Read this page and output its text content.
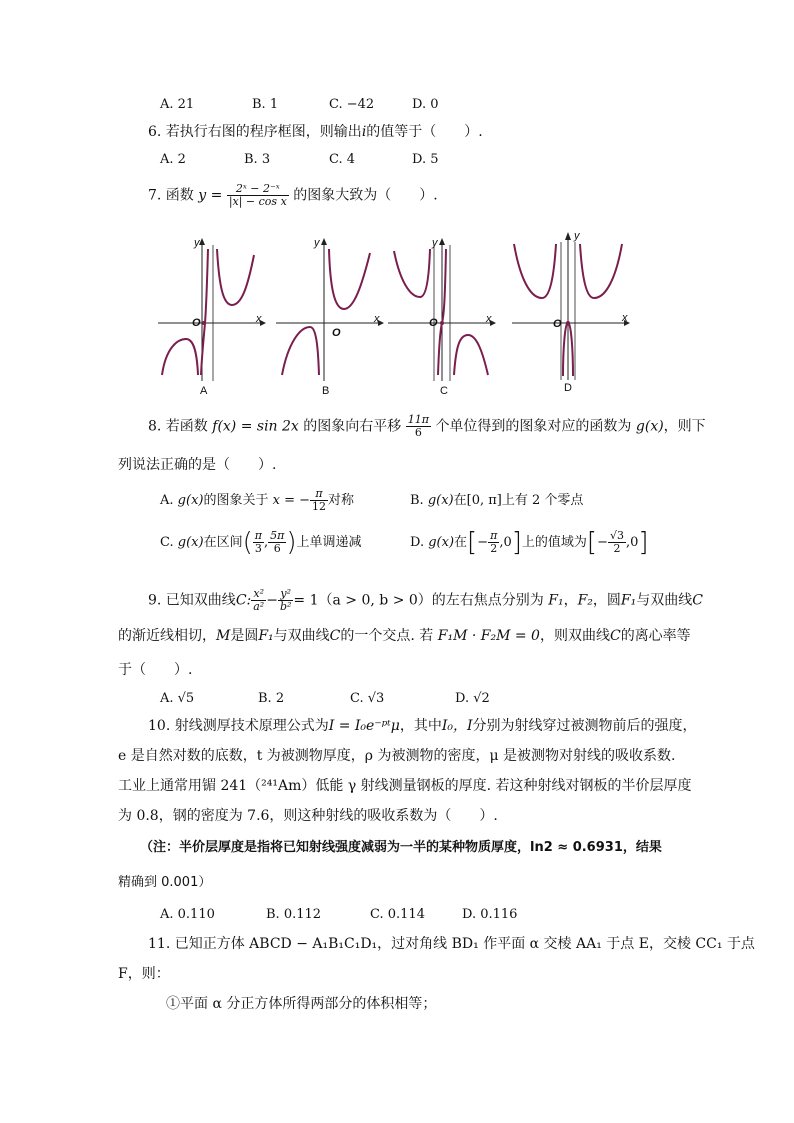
A. 21	B. 1	C. −42	D. 0
6. 若执行右图的程序框图，则输出i的值等于（　　）.
A. 2	B. 3	C. 4	D. 5
7. 函数 $y = \frac{\text{2ˣ − 2⁻ˣ}}{\text{|x| − cos x}}$ 的图象大致为（　　）.
y
x
O
A
y
x
O
B
y
x
O
C
y
x
O
D
8. 若函数 f(x) = sin 2x 的图象向右平移 $\frac{11\pi}{6}$ 个单位得到的图象对应的函数为 g(x)，则下
列说法正确的是（　　）.
A. g(x)的图象关于 x = − $\frac{\pi}{12}$ 对称	B. g(x)在[0, π]上有 2 个零点
C. g(x)在区间( $\frac{\pi}{3}$ , $\frac{5\pi}{6}$ )上单调递减	D. g(x)在[− $\frac{\pi}{2} ,0$]上的值域为[− $\frac{√3}{2} ,0$]
9. 已知双曲线C: $\frac{\text{x²}}{\text{a²}} - \frac{\text{y²}}{\text{b²}} = 1(a > 0$, b > 0）的左右焦点分别为 F₁，F₂，圆F₁与双曲线C
的渐近线相切，M是圆F₁与双曲线C的一个交点. 若 F₁M · F₂M = 0，则双曲线C的离心率等
于（　　）.
A. √5	B. 2	C. √3	D. √2
10. 射线测厚技术原理公式为I = I₀e⁻ᵖᵗμ，其中I₀，I分别为射线穿过被测物前后的强度，
e 是自然对数的底数，t 为被测物厚度，ρ 为被测物的密度，μ 是被测物对射线的吸收系数.
工业上通常用镅 241（²⁴¹Am）低能 γ 射线测量钢板的厚度. 若这种射线对钢板的半价层厚度
为 0.8，钢的密度为 7.6，则这种射线的吸收系数为（　　）.
（注：半价层厚度是指将已知射线强度减弱为一半的某种物质厚度，ln2 ≈ 0.6931，结果
精确到 0.001）
A. 0.110	B. 0.112	C. 0.114	D. 0.116
11. 已知正方体 ABCD − A₁B₁C₁D₁，过对角线 BD₁ 作平面 α 交棱 AA₁ 于点 E，交棱 CC₁ 于点
F，则：
①平面 α 分正方体所得两部分的体积相等；
